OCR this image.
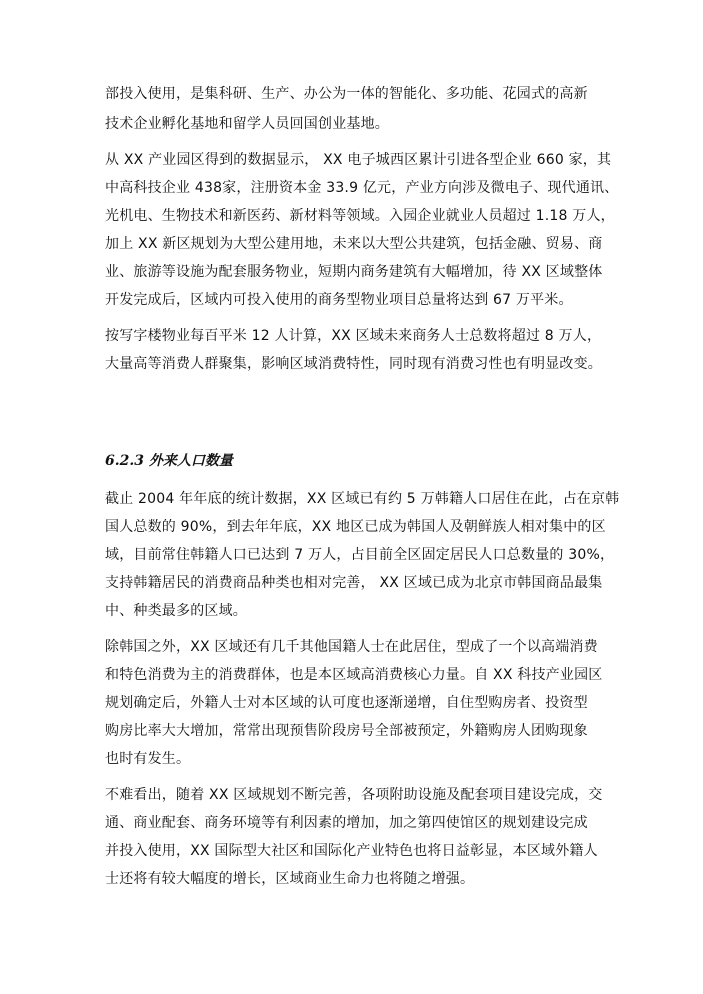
部投入使用，是集科研、生产、办公为一体的智能化、多功能、花园式的高新
技术企业孵化基地和留学人员回国创业基地。
从 XX 产业园区得到的数据显示， XX 电子城西区累计引进各型企业 660 家，其
中高科技企业 438家，注册资本金 33.9 亿元，产业方向涉及微电子、现代通讯、
光机电、生物技术和新医药、新材料等领域。入园企业就业人员超过 1.18 万人，
加上 XX 新区规划为大型公建用地，未来以大型公共建筑，包括金融、贸易、商
业、旅游等设施为配套服务物业，短期内商务建筑有大幅增加，待 XX 区域整体
开发完成后，区域内可投入使用的商务型物业项目总量将达到 67 万平米。
按写字楼物业每百平米 12 人计算，XX 区域未来商务人士总数将超过 8 万人，
大量高等消费人群聚集，影响区域消费特性，同时现有消费习性也有明显改变。
6.2.3 外来人口数量
截止 2004 年年底的统计数据，XX 区域已有约 5 万韩籍人口居住在此，占在京韩
国人总数的 90%，到去年年底，XX 地区已成为韩国人及朝鲜族人相对集中的区
域，目前常住韩籍人口已达到 7 万人，占目前全区固定居民人口总数量的 30%，
支持韩籍居民的消费商品种类也相对完善， XX 区域已成为北京市韩国商品最集
中、种类最多的区域。
除韩国之外，XX 区域还有几千其他国籍人士在此居住，型成了一个以高端消费
和特色消费为主的消费群体，也是本区域高消费核心力量。自 XX 科技产业园区
规划确定后，外籍人士对本区域的认可度也逐渐递增，自住型购房者、投资型
购房比率大大增加，常常出现预售阶段房号全部被预定，外籍购房人团购现象
也时有发生。
不难看出，随着 XX 区域规划不断完善，各项附助设施及配套项目建设完成，交
通、商业配套、商务环境等有利因素的增加，加之第四使馆区的规划建设完成
并投入使用，XX 国际型大社区和国际化产业特色也将日益彰显，本区域外籍人
士还将有较大幅度的增长，区域商业生命力也将随之增强。
